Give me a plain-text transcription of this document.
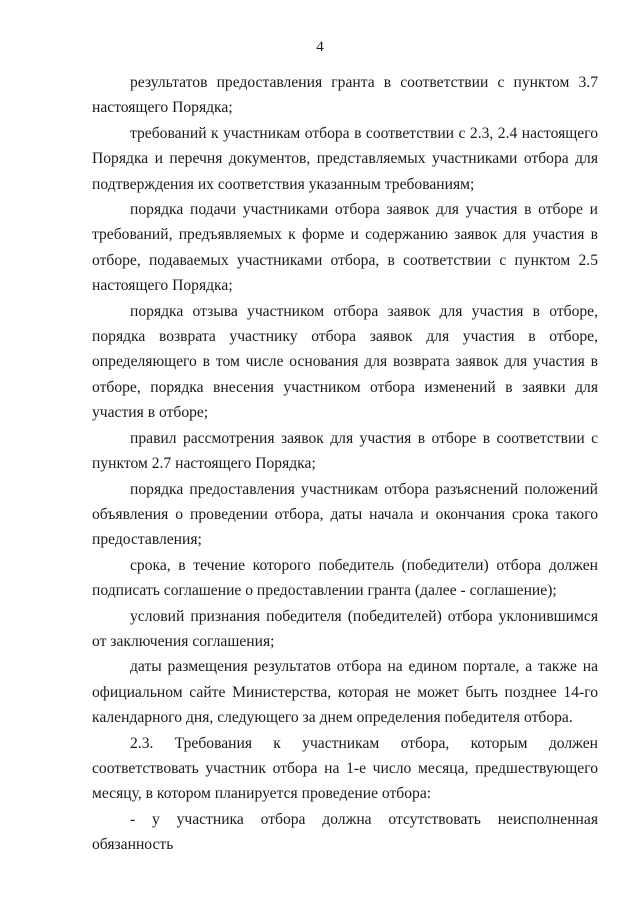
4

результатов предоставления гранта в соответствии с пунктом 3.7 настоящего Порядка;

требований к участникам отбора в соответствии с 2.3, 2.4 настоящего Порядка и перечня документов, представляемых участниками отбора для подтверждения их соответствия указанным требованиям;

порядка подачи участниками отбора заявок для участия в отборе и требований, предъявляемых к форме и содержанию заявок для участия в отборе, подаваемых участниками отбора, в соответствии с пунктом 2.5 настоящего Порядка;

порядка отзыва участником отбора заявок для участия в отборе, порядка возврата участнику отбора заявок для участия в отборе, определяющего в том числе основания для возврата заявок для участия в отборе, порядка внесения участником отбора изменений в заявки для участия в отборе;

правил рассмотрения заявок для участия в отборе в соответствии с пунктом 2.7 настоящего Порядка;

порядка предоставления участникам отбора разъяснений положений объявления о проведении отбора, даты начала и окончания срока такого предоставления;

срока, в течение которого победитель (победители) отбора должен подписать соглашение о предоставлении гранта (далее - соглашение);

условий признания победителя (победителей) отбора уклонившимся от заключения соглашения;

даты размещения результатов отбора на едином портале, а также на официальном сайте Министерства, которая не может быть позднее 14-го календарного дня, следующего за днем определения победителя отбора.

2.3. Требования к участникам отбора, которым должен соответствовать участник отбора на 1-е число месяца, предшествующего месяцу, в котором планируется проведение отбора:

- у участника отбора должна отсутствовать неисполненная обязанность
